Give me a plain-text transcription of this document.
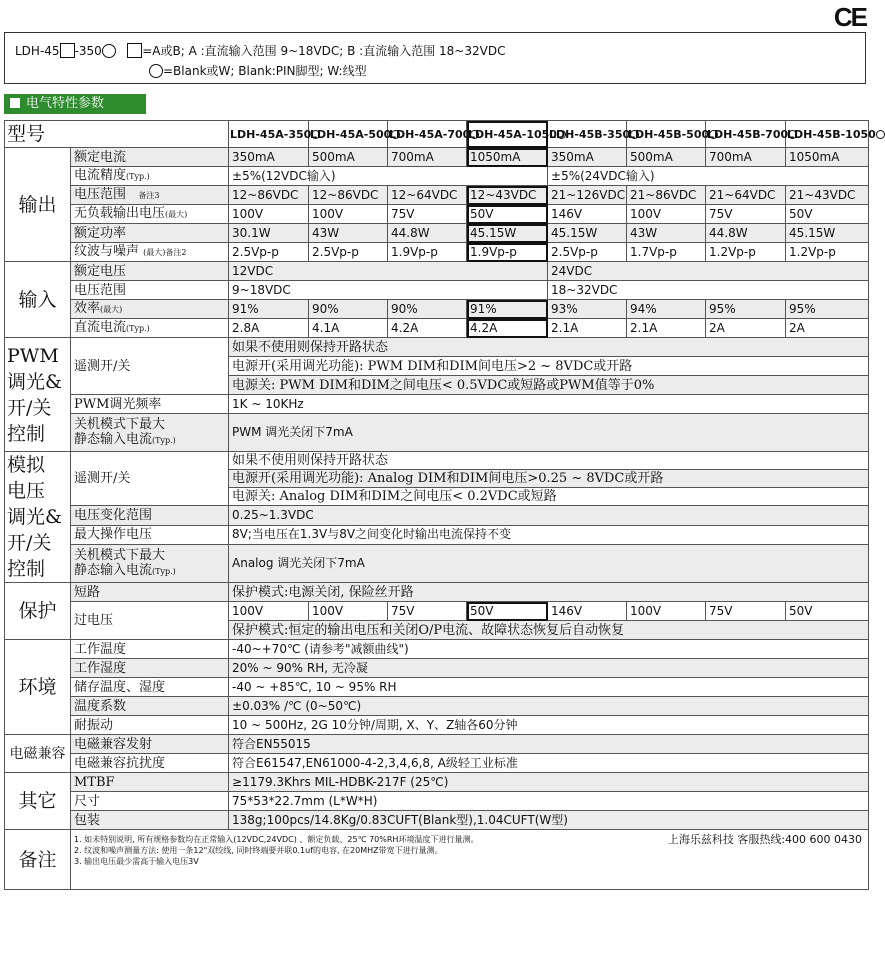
CE
LDH-45 -350	=A或B; A :直流输入范围 9~18VDC; B :直流输入范围 18~32VDC
=Blank或W; Blank:PIN脚型; W:线型
电气特性参数
型号		LDH-45A-350	LDH-45A-500	LDH-45A-700	LDH-45A-1050	LDH-45B-350	LDH-45B-500	LDH-45B-700	LDH-45B-1050
输出	额定电流	350mA	500mA	700mA	1050mA	350mA	500mA	700mA	1050mA
	电流精度(Typ.)	±5%(12VDC输入)				±5%(24VDC输入)			
	电压范围 备注3	12~86VDC	12~86VDC	12~64VDC	12~43VDC	21~126VDC	21~86VDC	21~64VDC	21~43VDC
	无负载输出电压(最大)	100V	100V	75V	50V	146V	100V	75V	50V
	额定功率	30.1W	43W	44.8W	45.15W	45.15W	43W	44.8W	45.15W
	纹波与噪声 (最大)备注2	2.5Vp-p	2.5Vp-p	1.9Vp-p	1.9Vp-p	2.5Vp-p	1.7Vp-p	1.2Vp-p	1.2Vp-p
输入	额定电压	12VDC				24VDC			
	电压范围	9~18VDC				18~32VDC			
	效率(最大)	91%	90%	90%	91%	93%	94%	95%	95%
	直流电流(Typ.)	2.8A	4.1A	4.2A	4.2A	2.1A	2.1A	2A	2A
PWM 调光& 开/关 控制	遥测开/关	如果不使用则保持开路状态							
		电源开(采用调光功能): PWM DIM和DIM间电压>2 ~ 8VDC或开路							
		电源关: PWM DIM和DIM之间电压< 0.5VDC或短路或PWM值等于0%							
	PWM调光频率	1K ~ 10KHz							
	关机模式下最大
静态输入电流(Typ.)	PWM 调光关闭下7mA							
模拟 电压 调光& 开/关 控制	遥测开/关	如果不使用则保持开路状态							
		电源开(采用调光功能): Analog DIM和DIM间电压>0.25 ~ 8VDC或开路							
		电源关: Analog DIM和DIM之间电压< 0.2VDC或短路							
	电压变化范围	0.25~1.3VDC							
	最大操作电压	8V;当电压在1.3V与8V之间变化时输出电流保持不变							
	关机模式下最大
静态输入电流(Typ.)	Analog 调光关闭下7mA							
保护	短路	保护模式:电源关闭, 保险丝开路							
	过电压	100V	100V	75V	50V	146V	100V	75V	50V
		保护模式:恒定的输出电压和关闭O/P电流、故障状态恢复后自动恢复							
环境	工作温度	-40~+70℃ (请参考"减额曲线")							
	工作湿度	20% ~ 90% RH, 无冷凝							
	储存温度、湿度	-40 ~ +85℃, 10 ~ 95% RH							
	温度系数	±0.03% /℃ (0~50℃)							
	耐振动	10 ~ 500Hz, 2G 10分钟/周期, X、Y、Z轴各60分钟							
电磁兼容	电磁兼容发射	符合EN55015							
	电磁兼容抗扰度	符合E61547,EN61000-4-2,3,4,6,8, A级轻工业标准							
其它	MTBF	≥1179.3Khrs MIL-HDBK-217F (25℃)							
	尺寸	75*53*22.7mm (L*W*H)							
	包装	138g;100pcs/14.8Kg/0.83CUFT(Blank型),1.04CUFT(W型)							
备注	1. 如未特别说明, 所有规格参数均在正常输入(12VDC,24VDC) 、额定负载、25℃ 70%RH环境温度下进行量测。
2. 纹波和噪声测量方法: 使用一条12"双绞线, 同时终端要并联0.1uf的电容, 在20MHZ带宽下进行量测。
3. 输出电压最少需高于输入电压3V
上海乐兹科技 客服热线:400 600 0430								
